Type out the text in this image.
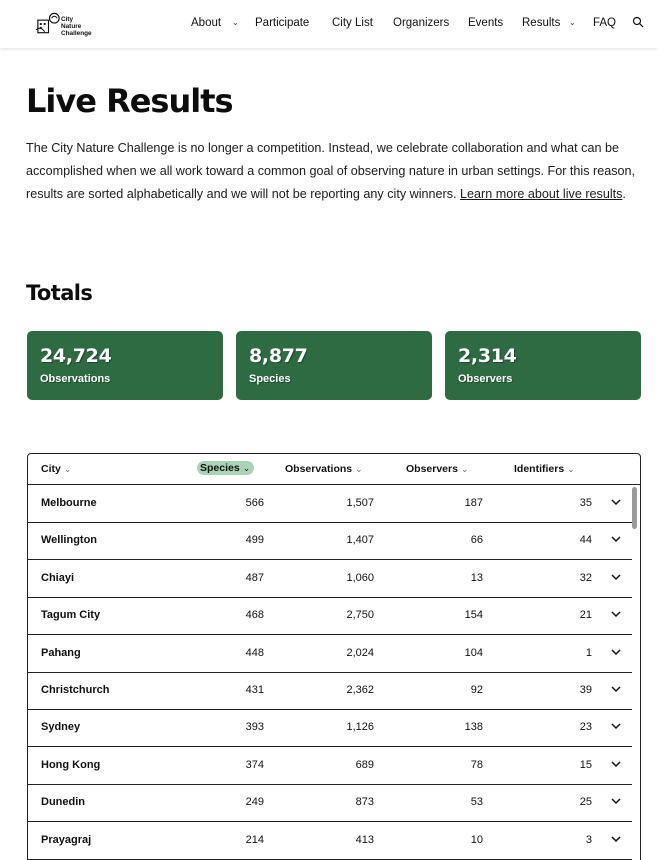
City Nature
Challenge
About ⌄ Participate City List Organizers Events Results ⌄ FAQ
Live Results

The City Nature Challenge is no longer a competition. Instead, we celebrate collaboration and what can be accomplished when we all work toward a common goal of observing nature in urban settings. For this reason, results are sorted alphabetically and we will not be reporting any city winners. Learn more about live results.

Totals
24,724
Observations
8,877
Species
2,314
Observers
City ⌄	Species ⌄	Observations ⌄	Observers ⌄	Identifiers ⌄
Melbourne	566	1,507	187	35
Wellington	499	1,407	66	44
Chiayi	487	1,060	13	32
Tagum City	468	2,750	154	21
Pahang	448	2,024	104	1
Christchurch	431	2,362	92	39
Sydney	393	1,126	138	23
Hong Kong	374	689	78	15
Dunedin	249	873	53	25
Prayagraj	214	413	10	3
